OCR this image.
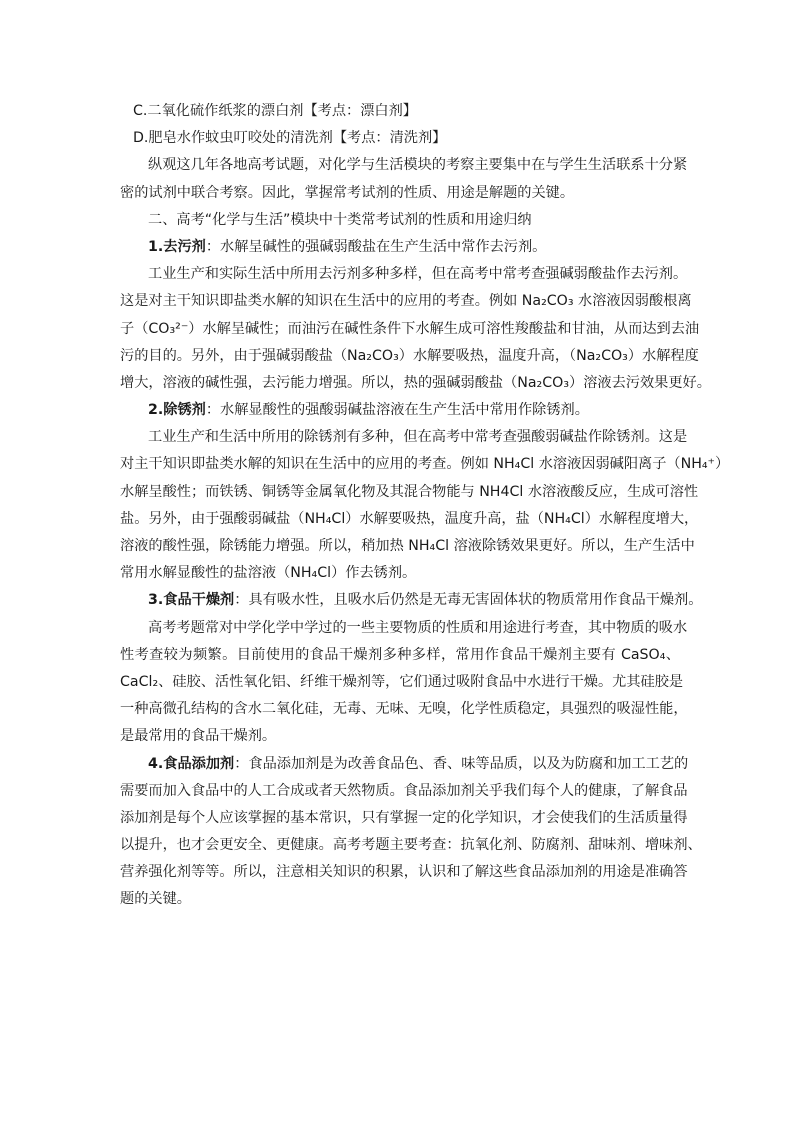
C.二氧化硫作纸浆的漂白剂【考点：漂白剂】
D.肥皂水作蚊虫叮咬处的清洗剂【考点：清洗剂】
纵观这几年各地高考试题，对化学与生活模块的考察主要集中在与学生生活联系十分紧
密的试剂中联合考察。因此，掌握常考试剂的性质、用途是解题的关键。
二、高考“化学与生活”模块中十类常考试剂的性质和用途归纳
1.去污剂：水解呈碱性的强碱弱酸盐在生产生活中常作去污剂。
工业生产和实际生活中所用去污剂多种多样，但在高考中常考查强碱弱酸盐作去污剂。
这是对主干知识即盐类水解的知识在生活中的应用的考查。例如 Na₂CO₃ 水溶液因弱酸根离
子（CO₃²⁻）水解呈碱性；而油污在碱性条件下水解生成可溶性羧酸盐和甘油，从而达到去油
污的目的。另外，由于强碱弱酸盐（Na₂CO₃）水解要吸热，温度升高，（Na₂CO₃）水解程度
增大，溶液的碱性强，去污能力增强。所以，热的强碱弱酸盐（Na₂CO₃）溶液去污效果更好。
2.除锈剂：水解显酸性的强酸弱碱盐溶液在生产生活中常用作除锈剂。
工业生产和生活中所用的除锈剂有多种，但在高考中常考查强酸弱碱盐作除锈剂。这是
对主干知识即盐类水解的知识在生活中的应用的考查。例如 NH₄Cl 水溶液因弱碱阳离子（NH₄⁺）
水解呈酸性；而铁锈、铜锈等金属氧化物及其混合物能与 NH4Cl 水溶液酸反应，生成可溶性
盐。另外，由于强酸弱碱盐（NH₄Cl）水解要吸热，温度升高，盐（NH₄Cl）水解程度增大，
溶液的酸性强，除锈能力增强。所以，稍加热 NH₄Cl 溶液除锈效果更好。所以，生产生活中
常用水解显酸性的盐溶液（NH₄Cl）作去锈剂。
3.食品干燥剂：具有吸水性，且吸水后仍然是无毒无害固体状的物质常用作食品干燥剂。
高考考题常对中学化学中学过的一些主要物质的性质和用途进行考查，其中物质的吸水
性考查较为频繁。目前使用的食品干燥剂多种多样，常用作食品干燥剂主要有 CaSO₄、
CaCl₂、硅胶、活性氧化铝、纤维干燥剂等，它们通过吸附食品中水进行干燥。尤其硅胶是
一种高微孔结构的含水二氧化硅，无毒、无味、无嗅，化学性质稳定，具强烈的吸湿性能，
是最常用的食品干燥剂。
4.食品添加剂：食品添加剂是为改善食品色、香、味等品质，以及为防腐和加工工艺的
需要而加入食品中的人工合成或者天然物质。食品添加剂关乎我们每个人的健康，了解食品
添加剂是每个人应该掌握的基本常识，只有掌握一定的化学知识，才会使我们的生活质量得
以提升，也才会更安全、更健康。高考考题主要考查：抗氧化剂、防腐剂、甜味剂、增味剂、
营养强化剂等等。所以，注意相关知识的积累，认识和了解这些食品添加剂的用途是准确答
题的关键。
